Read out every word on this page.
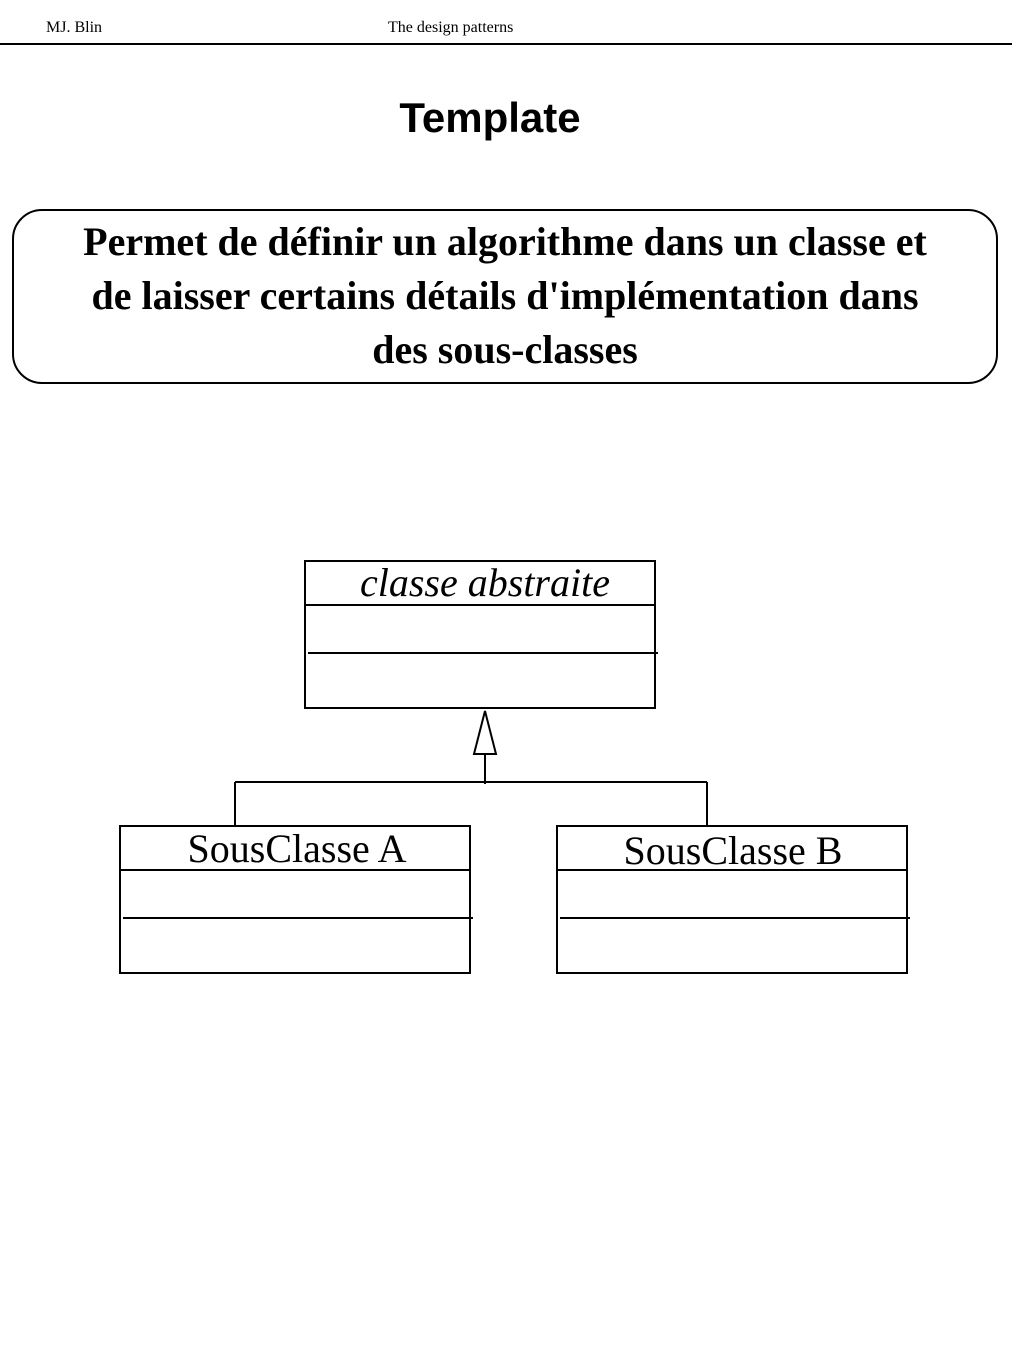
MJ. Blin	The design patterns
Template
Permet de définir un algorithme dans un classe et
de laisser certains détails d'implémentation dans
des sous-classes
classe abstraite
SousClasse A	SousClasse B
